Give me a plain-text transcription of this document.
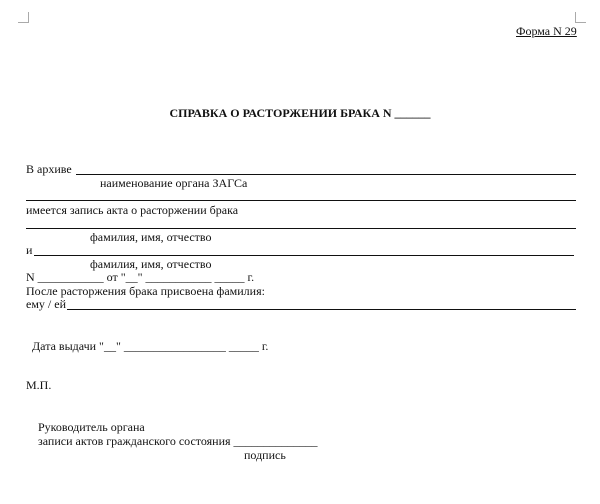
Форма N 29
СПРАВКА О РАСТОРЖЕНИИ БРАКА N ______
В архиве
наименование органа ЗАГСа
имеется запись акта о расторжении брака
фамилия, имя, отчество
и
фамилия, имя, отчество
N ___________ от "__" ___________ _____ г.
После расторжения брака присвоена фамилия:
ему / ей
Дата выдачи "__" _________________ _____ г.
М.П.
Руководитель органа
записи актов гражданского состояния ______________
подпись
